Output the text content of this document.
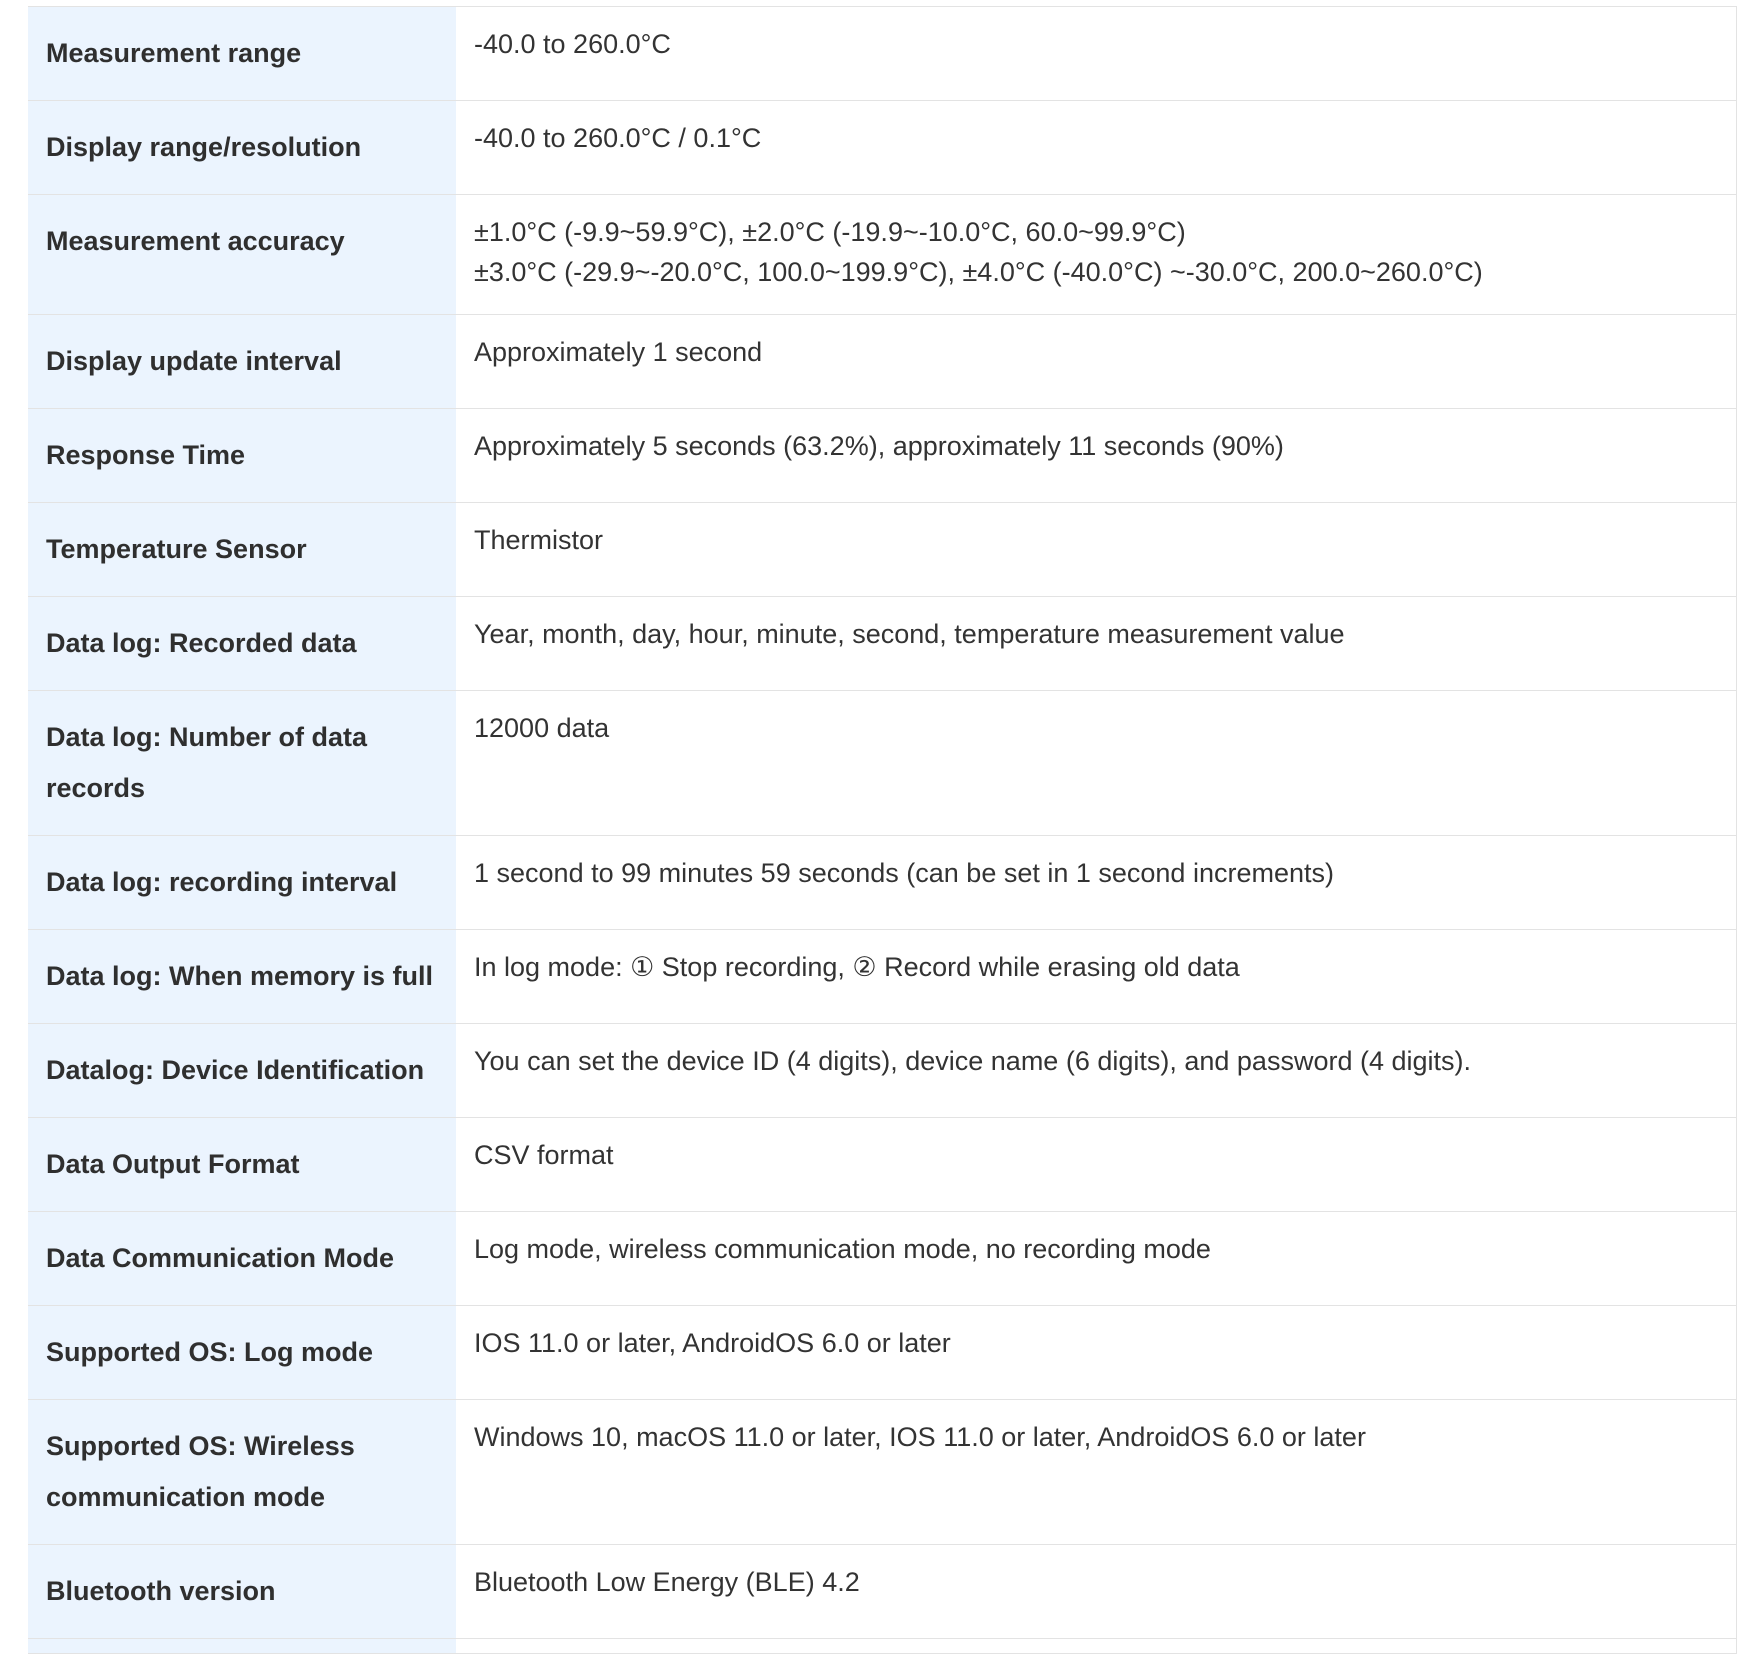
Measurement range	-40.0 to 260.0°C

Display range/resolution	-40.0 to 260.0°C / 0.1°C

Measurement accuracy	±1.0°C (-9.9~59.9°C), ±2.0°C (-19.9~-10.0°C, 60.0~99.9°C)
±3.0°C (-29.9~-20.0°C, 100.0~199.9°C), ±4.0°C (-40.0°C) ~-30.0°C, 200.0~260.0°C)

Display update interval	Approximately 1 second

Response Time	Approximately 5 seconds (63.2%), approximately 11 seconds (90%)

Temperature Sensor	Thermistor

Data log: Recorded data	Year, month, day, hour, minute, second, temperature measurement value

Data log: Number of data records	12000 data

Data log: recording interval	1 second to 99 minutes 59 seconds (can be set in 1 second increments)

Data log: When memory is full	In log mode: ① Stop recording, ② Record while erasing old data

Datalog: Device Identification	You can set the device ID (4 digits), device name (6 digits), and password (4 digits).

Data Output Format	CSV format

Data Communication Mode	Log mode, wireless communication mode, no recording mode

Supported OS: Log mode	IOS 11.0 or later, AndroidOS 6.0 or later

Supported OS: Wireless communication mode	Windows 10, macOS 11.0 or later, IOS 11.0 or later, AndroidOS 6.0 or later

Bluetooth version	Bluetooth Low Energy (BLE) 4.2
